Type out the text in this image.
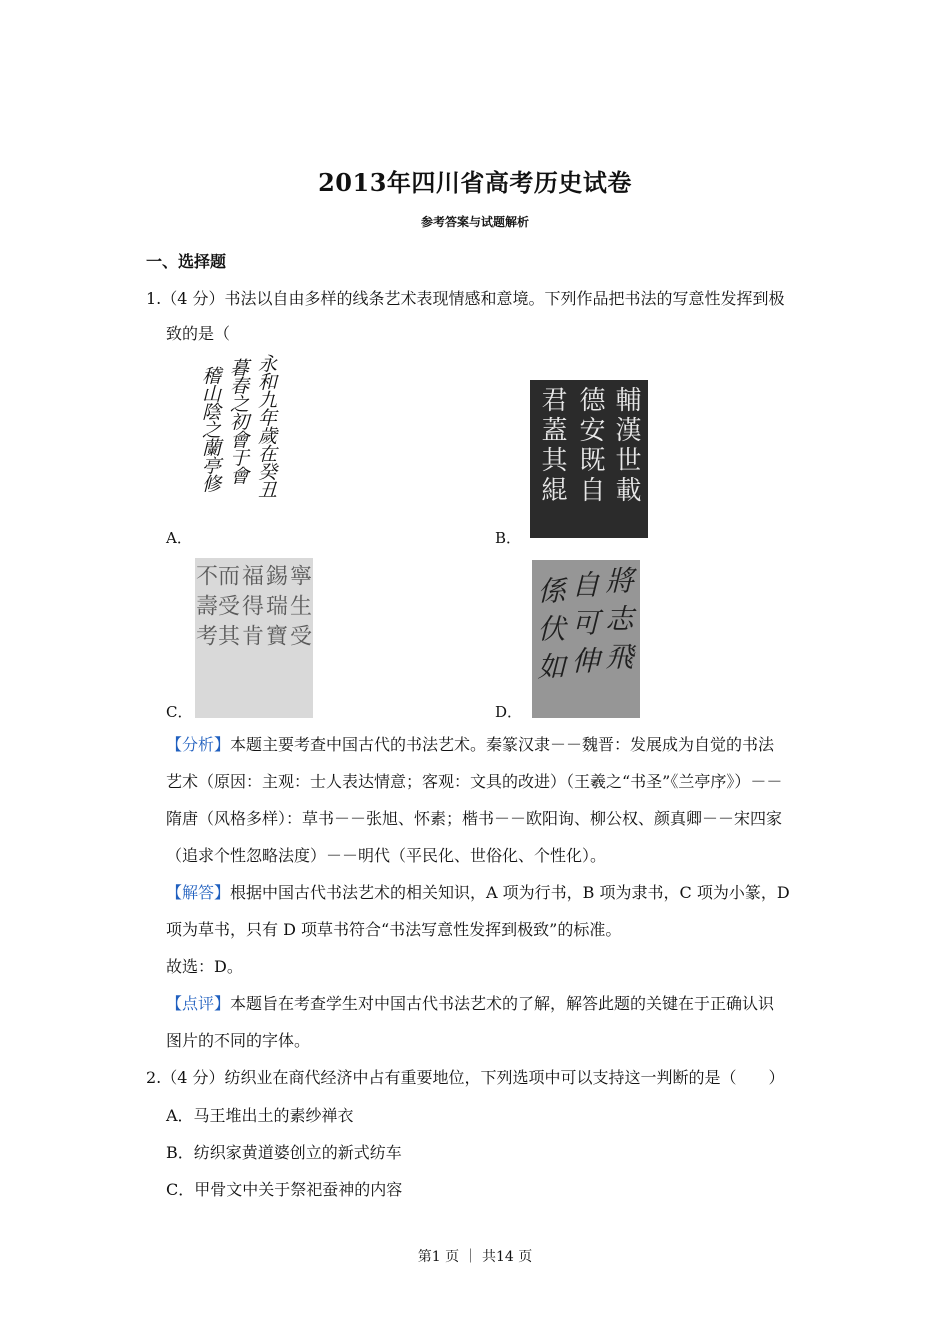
2013年四川省高考历史试卷
参考答案与试题解析
一、选择题
1.（4 分）书法以自由多样的线条艺术表现情感和意境。下列作品把书法的写意性发挥到极
致的是（
永和九年歲在癸丑
暮春之初會于會
稽山陰之蘭亭修
A．
輔漢世載
德安既自
君蓋其緄
B．
寧生受
錫瑞寶
福得肯
而受其
不壽考
C．
將志飛
自可伸
係伏如
D．
【分析】本题主要考查中国古代的书法艺术。秦篆汉隶－－魏晋：发展成为自觉的书法
艺术（原因：主观：士人表达情意；客观：文具的改进）（王羲之“书圣”《兰亭序》）－－
隋唐（风格多样）：草书－－张旭、怀素；楷书－－欧阳询、柳公权、颜真卿－－宋四家
（追求个性忽略法度）－－明代（平民化、世俗化、个性化）。
【解答】根据中国古代书法艺术的相关知识，A 项为行书，B 项为隶书，C 项为小篆，D
项为草书，只有 D 项草书符合“书法写意性发挥到极致”的标准。
故选：D。
【点评】本题旨在考查学生对中国古代书法艺术的了解，解答此题的关键在于正确认识
图片的不同的字体。
2.（4 分）纺织业在商代经济中占有重要地位，下列选项中可以支持这一判断的是（　　）
A．马王堆出土的素纱禅衣
B．纺织家黄道婆创立的新式纺车
C．甲骨文中关于祭祀蚕神的内容
第1 页 ｜ 共14 页
